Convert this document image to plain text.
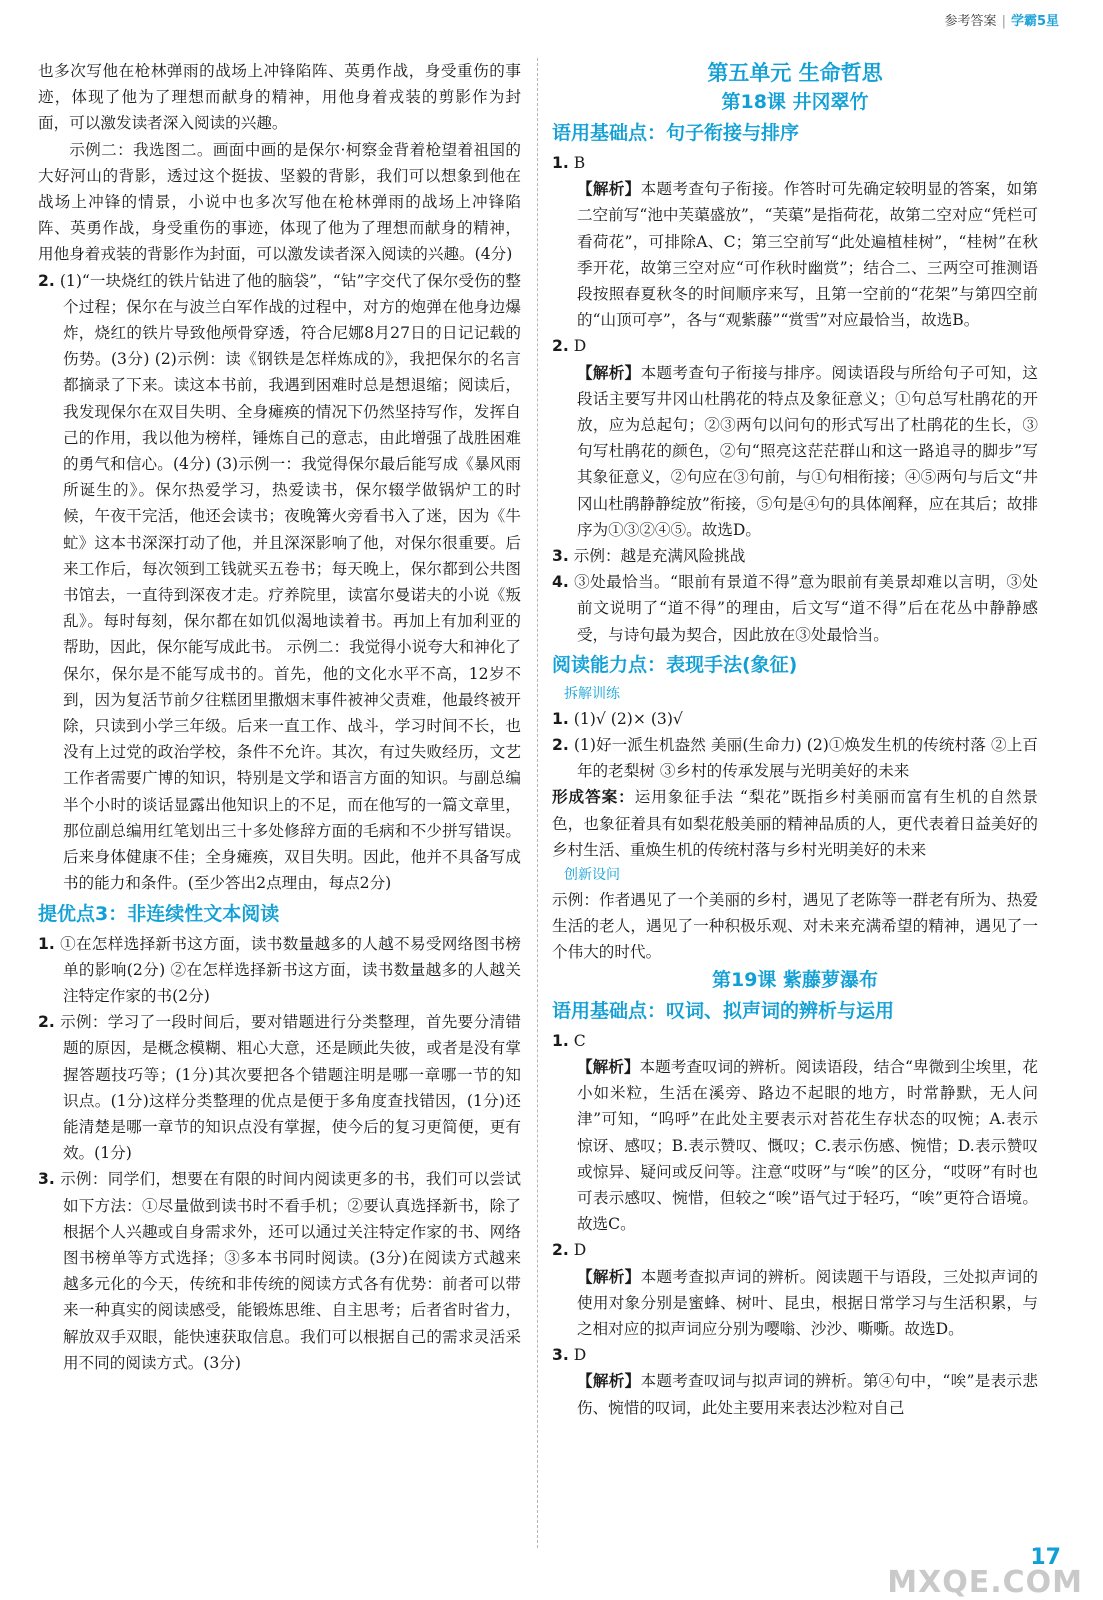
参考答案 | 学霸5星

也多次写他在枪林弹雨的战场上冲锋陷阵、英勇作战，身受重伤的事迹，体现了他为了理想而献身的精神，用他身着戎装的剪影作为封面，可以激发读者深入阅读的兴趣。

示例二：我选图二。画面中画的是保尔·柯察金背着枪望着祖国的大好河山的背影，透过这个挺拔、坚毅的背影，我们可以想象到他在战场上冲锋的情景，小说中也多次写他在枪林弹雨的战场上冲锋陷阵、英勇作战，身受重伤的事迹，体现了他为了理想而献身的精神，用他身着戎装的背影作为封面，可以激发读者深入阅读的兴趣。(4分)

2. (1)“一块烧红的铁片钻进了他的脑袋”，“钻”字交代了保尔受伤的整个过程；保尔在与波兰白军作战的过程中，对方的炮弹在他身边爆炸，烧红的铁片导致他颅骨穿透，符合尼娜8月27日的日记记载的伤势。(3分) (2)示例：读《钢铁是怎样炼成的》，我把保尔的名言都摘录了下来。读这本书前，我遇到困难时总是想退缩；阅读后，我发现保尔在双目失明、全身瘫痪的情况下仍然坚持写作，发挥自己的作用，我以他为榜样，锤炼自己的意志，由此增强了战胜困难的勇气和信心。(4分) (3)示例一：我觉得保尔最后能写成《暴风雨所诞生的》。保尔热爱学习，热爱读书，保尔辍学做锅炉工的时候，午夜干完活，他还会读书；夜晚篝火旁看书入了迷，因为《牛虻》这本书深深打动了他，并且深深影响了他，对保尔很重要。后来工作后，每次领到工钱就买五卷书；每天晚上，保尔都到公共图书馆去，一直待到深夜才走。疗养院里，读富尔曼诺夫的小说《叛乱》。每时每刻，保尔都在如饥似渴地读着书。再加上有加利亚的帮助，因此，保尔能写成此书。 示例二：我觉得小说夸大和神化了保尔，保尔是不能写成书的。首先，他的文化水平不高，12岁不到，因为复活节前夕往糕团里撒烟末事件被神父责难，他最终被开除，只读到小学三年级。后来一直工作、战斗，学习时间不长，也没有上过党的政治学校，条件不允许。其次，有过失败经历，文艺工作者需要广博的知识，特别是文学和语言方面的知识。与副总编半个小时的谈话显露出他知识上的不足，而在他写的一篇文章里，那位副总编用红笔划出三十多处修辞方面的毛病和不少拼写错误。后来身体健康不佳；全身瘫痪，双目失明。因此，他并不具备写成书的能力和条件。(至少答出2点理由，每点2分)

提优点3：非连续性文本阅读

1. ①在怎样选择新书这方面，读书数量越多的人越不易受网络图书榜单的影响(2分) ②在怎样选择新书这方面，读书数量越多的人越关注特定作家的书(2分)

2. 示例：学习了一段时间后，要对错题进行分类整理，首先要分清错题的原因，是概念模糊、粗心大意，还是顾此失彼，或者是没有掌握答题技巧等；(1分)其次要把各个错题注明是哪一章哪一节的知识点。(1分)这样分类整理的优点是便于多角度查找错因，(1分)还能清楚是哪一章节的知识点没有掌握，使今后的复习更简便，更有效。(1分)

3. 示例：同学们，想要在有限的时间内阅读更多的书，我们可以尝试如下方法：①尽量做到读书时不看手机；②要认真选择新书，除了根据个人兴趣或自身需求外，还可以通过关注特定作家的书、网络图书榜单等方式选择；③多本书同时阅读。(3分)在阅读方式越来越多元化的今天，传统和非传统的阅读方式各有优势：前者可以带来一种真实的阅读感受，能锻炼思维、自主思考；后者省时省力，解放双手双眼，能快速获取信息。我们可以根据自己的需求灵活采用不同的阅读方式。(3分)

第五单元 生命哲思
第18课 井冈翠竹
语用基础点：句子衔接与排序

1. B

【解析】本题考查句子衔接。作答时可先确定较明显的答案，如第二空前写“池中芙蕖盛放”，“芙蕖”是指荷花，故第二空对应“凭栏可看荷花”，可排除A、C；第三空前写“此处遍植桂树”，“桂树”在秋季开花，故第三空对应“可作秋时幽赏”；结合二、三两空可推测语段按照春夏秋冬的时间顺序来写，且第一空前的“花架”与第四空前的“山顶可亭”，各与“观紫藤”“赏雪”对应最恰当，故选B。

2. D

【解析】本题考查句子衔接与排序。阅读语段与所给句子可知，这段话主要写井冈山杜鹃花的特点及象征意义；①句总写杜鹃花的开放，应为总起句；②③两句以问句的形式写出了杜鹃花的生长，③句写杜鹃花的颜色，②句“照亮这茫茫群山和这一路追寻的脚步”写其象征意义，②句应在③句前，与①句相衔接；④⑤两句与后文“井冈山杜鹃静静绽放”衔接，⑤句是④句的具体阐释，应在其后；故排序为①③②④⑤。故选D。

3. 示例：越是充满风险挑战

4. ③处最恰当。“眼前有景道不得”意为眼前有美景却难以言明，③处前文说明了“道不得”的理由，后文写“道不得”后在花丛中静静感受，与诗句最为契合，因此放在③处最恰当。

阅读能力点：表现手法(象征)
拆解训练

1. (1)√ (2)× (3)√

2. (1)好一派生机盎然 美丽(生命力) (2)①焕发生机的传统村落 ②上百年的老梨树 ③乡村的传承发展与光明美好的未来

形成答案：运用象征手法 “梨花”既指乡村美丽而富有生机的自然景色，也象征着具有如梨花般美丽的精神品质的人，更代表着日益美好的乡村生活、重焕生机的传统村落与乡村光明美好的未来

创新设问

示例：作者遇见了一个美丽的乡村，遇见了老陈等一群老有所为、热爱生活的老人，遇见了一种积极乐观、对未来充满希望的精神，遇见了一个伟大的时代。

第19课 紫藤萝瀑布
语用基础点：叹词、拟声词的辨析与运用

1. C

【解析】本题考查叹词的辨析。阅读语段，结合“卑微到尘埃里，花小如米粒，生活在溪旁、路边不起眼的地方，时常静默，无人问津”可知，“呜呼”在此处主要表示对苔花生存状态的叹惋；A.表示惊讶、感叹；B.表示赞叹、慨叹；C.表示伤感、惋惜；D.表示赞叹或惊异、疑问或反问等。注意“哎呀”与“唉”的区分，“哎呀”有时也可表示感叹、惋惜，但较之“唉”语气过于轻巧，“唉”更符合语境。故选C。

2. D

【解析】本题考查拟声词的辨析。阅读题干与语段，三处拟声词的使用对象分别是蜜蜂、树叶、昆虫，根据日常学习与生活积累，与之相对应的拟声词应分别为嘤嗡、沙沙、嘶嘶。故选D。

3. D

【解析】本题考查叹词与拟声词的辨析。第④句中，“唉”是表示悲伤、惋惜的叹词，此处主要用来表达沙粒对自己

17
MXQE.COM
